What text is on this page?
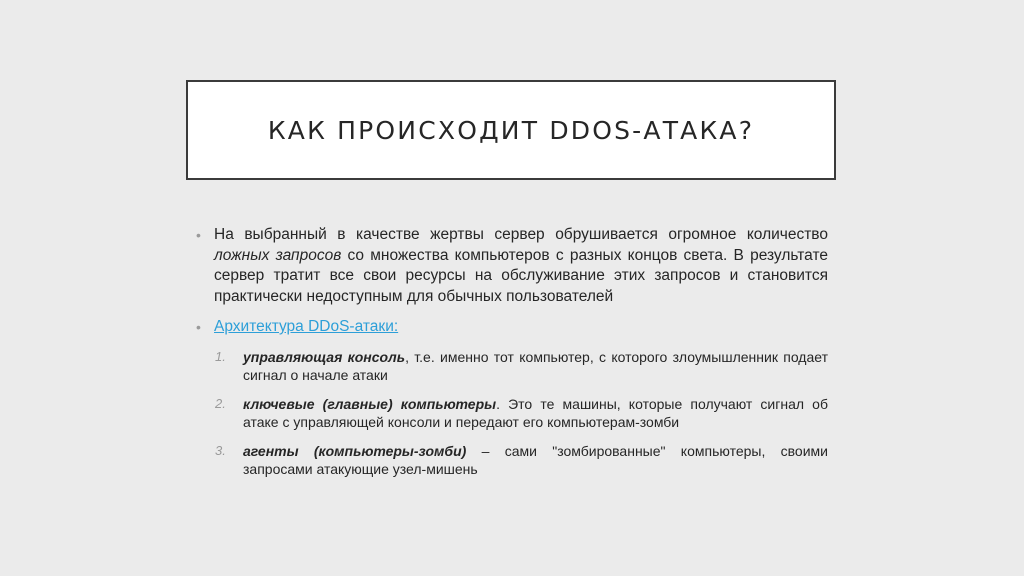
КАК ПРОИСХОДИТ DDOS-АТАКА?
• На выбранный в качестве жертвы сервер обрушивается огромное количество ложных запросов со множества компьютеров с разных концов света. В результате сервер тратит все свои ресурсы на обслуживание этих запросов и становится практически недоступным для обычных пользователей
• Архитектура DDoS-атаки:
1. управляющая консоль, т.е. именно тот компьютер, с которого злоумышленник подает сигнал о начале атаки
2. ключевые (главные) компьютеры. Это те машины, которые получают сигнал об атаке с управляющей консоли и передают его компьютерам-зомби
3. агенты (компьютеры-зомби) – сами "зомбированные" компьютеры, своими запросами атакующие узел-мишень
